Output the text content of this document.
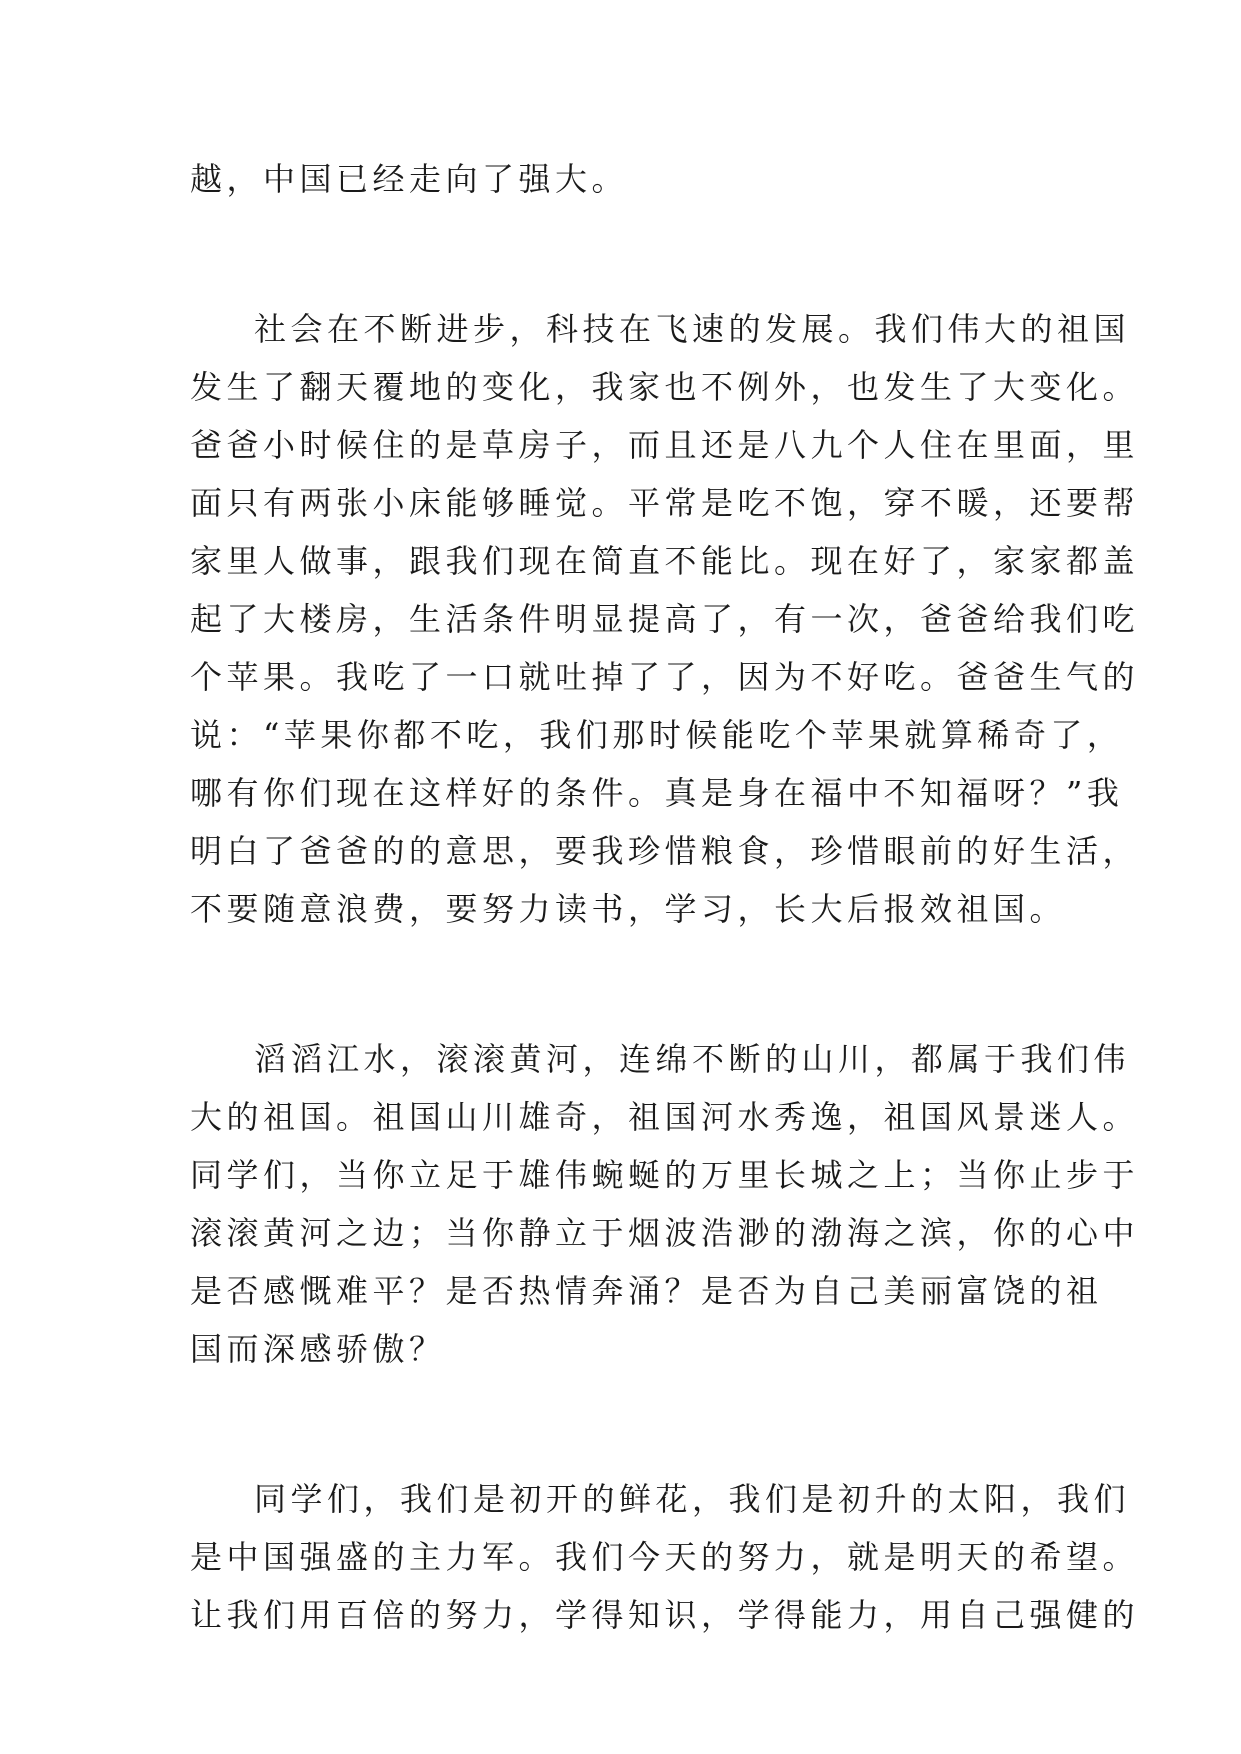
越，中国已经走向了强大。
社会在不断进步，科技在飞速的发展。我们伟大的祖国
发生了翻天覆地的变化，我家也不例外，也发生了大变化。
爸爸小时候住的是草房子，而且还是八九个人住在里面，里
面只有两张小床能够睡觉。平常是吃不饱，穿不暖，还要帮
家里人做事，跟我们现在简直不能比。现在好了，家家都盖
起了大楼房，生活条件明显提高了，有一次，爸爸给我们吃
个苹果。我吃了一口就吐掉了了，因为不好吃。爸爸生气的
说：“苹果你都不吃，我们那时候能吃个苹果就算稀奇了，
哪有你们现在这样好的条件。真是身在福中不知福呀？”我
明白了爸爸的的意思，要我珍惜粮食，珍惜眼前的好生活，
不要随意浪费，要努力读书，学习，长大后报效祖国。
滔滔江水，滚滚黄河，连绵不断的山川，都属于我们伟
大的祖国。祖国山川雄奇，祖国河水秀逸，祖国风景迷人。
同学们，当你立足于雄伟蜿蜒的万里长城之上；当你止步于
滚滚黄河之边；当你静立于烟波浩渺的渤海之滨，你的心中
是否感慨难平？是否热情奔涌？是否为自己美丽富饶的祖
国而深感骄傲？
同学们，我们是初开的鲜花，我们是初升的太阳，我们
是中国强盛的主力军。我们今天的努力，就是明天的希望。
让我们用百倍的努力，学得知识，学得能力，用自己强健的
